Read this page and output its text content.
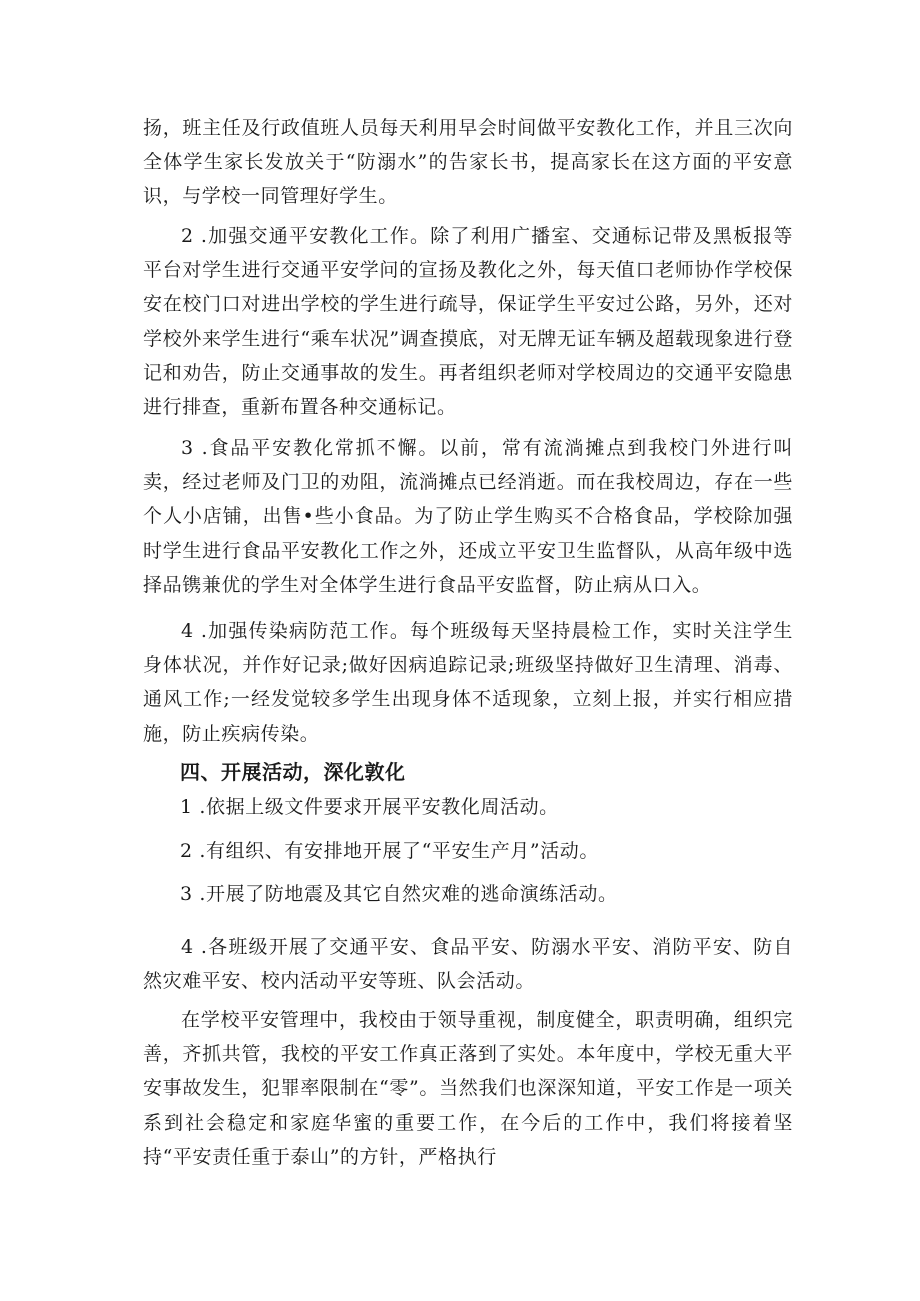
扬，班主任及行政值班人员每天利用早会时间做平安教化工作，并且三次向全体学生家长发放关于“防溺水”的告家长书，提高家长在这方面的平安意识，与学校一同管理好学生。

2 .加强交通平安教化工作。除了利用广播室、交通标记带及黑板报等平台对学生进行交通平安学问的宣扬及教化之外，每天值口老师协作学校保安在校门口对进出学校的学生进行疏导，保证学生平安过公路，另外，还对学校外来学生进行“乘车状况”调查摸底，对无牌无证车辆及超载现象进行登记和劝告，防止交通事故的发生。再者组织老师对学校周边的交通平安隐患进行排查，重新布置各种交通标记。

3 .食品平安教化常抓不懈。以前，常有流淌摊点到我校门外进行叫卖，经过老师及门卫的劝阻，流淌摊点已经消逝。而在我校周边，存在一些个人小店铺，出售•些小食品。为了防止学生购买不合格食品，学校除加强时学生进行食品平安教化工作之外，还成立平安卫生监督队，从高年级中选择品镌兼优的学生对全体学生进行食品平安监督，防止病从口入。

4 .加强传染病防范工作。每个班级每天坚持晨检工作，实时关注学生身体状况，并作好记录;做好因病追踪记录;班级坚持做好卫生清理、消毒、通风工作;一经发觉较多学生出现身体不适现象，立刻上报，并实行相应措施，防止疾病传染。

四、开展活动，深化敦化

1 .依据上级文件要求开展平安教化周活动。

2 .有组织、有安排地开展了“平安生产月”活动。

3 .开展了防地震及其它自然灾难的逃命演练活动。

4 .各班级开展了交通平安、食品平安、防溺水平安、消防平安、防自然灾难平安、校内活动平安等班、队会活动。

在学校平安管理中，我校由于领导重视，制度健全，职责明确，组织完善，齐抓共管，我校的平安工作真正落到了实处。本年度中，学校无重大平安事故发生，犯罪率限制在“零”。当然我们也深深知道，平安工作是一项关系到社会稳定和家庭华蜜的重要工作，在今后的工作中，我们将接着坚持“平安责任重于泰山”的方针，严格执行
